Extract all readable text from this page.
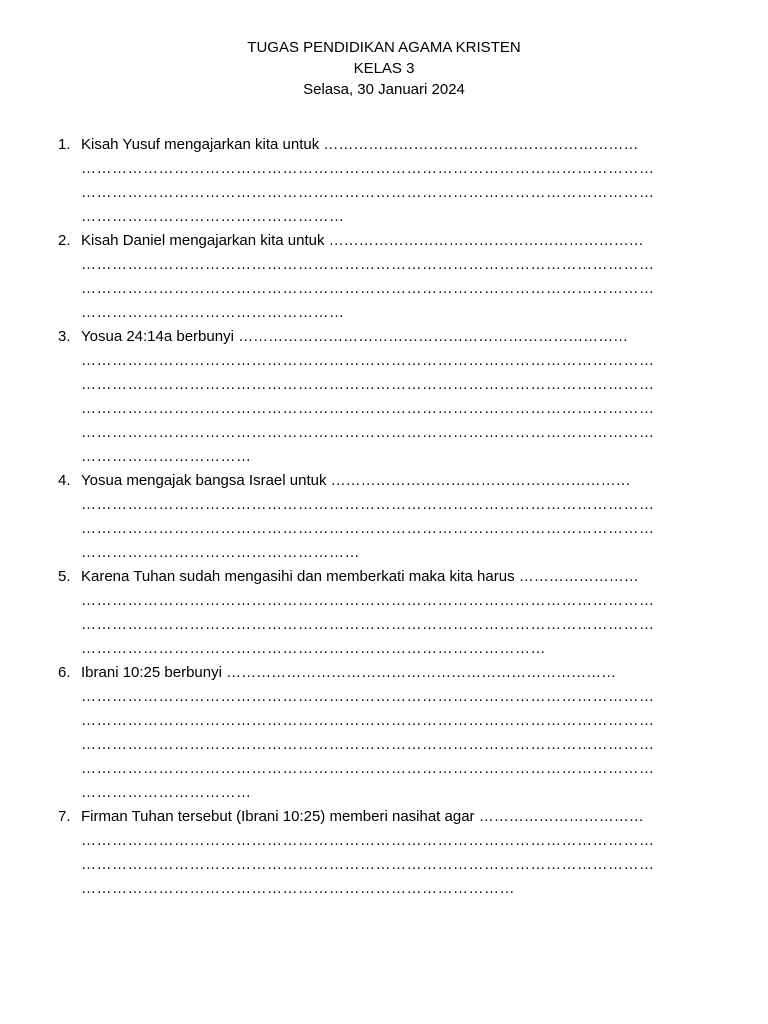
TUGAS PENDIDIKAN AGAMA KRISTEN
KELAS 3
Selasa, 30 Januari 2024
1. Kisah Yusuf mengajarkan kita untuk ………………………………………………………
…………………………………………………………………………………………………
…………………………………………………………………………………………………
……………………………………………
2. Kisah Daniel mengajarkan kita untuk ………………………………………………………
…………………………………………………………………………………………………
…………………………………………………………………………………………………
……………………………………………
3. Yosua 24:14a berbunyi ……………………………………………………………………
…………………………………………………………………………………………………
…………………………………………………………………………………………………
…………………………………………………………………………………………………
…………………………………………………………………………………………………
……………………………
4. Yosua mengajak bangsa Israel untuk ……………………………………………………
…………………………………………………………………………………………………
…………………………………………………………………………………………………
………………………………………………
5. Karena Tuhan sudah mengasihi dan memberkati maka kita harus ……………………
…………………………………………………………………………………………………
…………………………………………………………………………………………………
………………………………………………………………………………
6. Ibrani 10:25 berbunyi ……………………………………………………………………
…………………………………………………………………………………………………
…………………………………………………………………………………………………
…………………………………………………………………………………………………
…………………………………………………………………………………………………
……………………………
7. Firman Tuhan tersebut (Ibrani 10:25) memberi nasihat agar ……………………………
…………………………………………………………………………………………………
…………………………………………………………………………………………………
…………………………………………………………………………
